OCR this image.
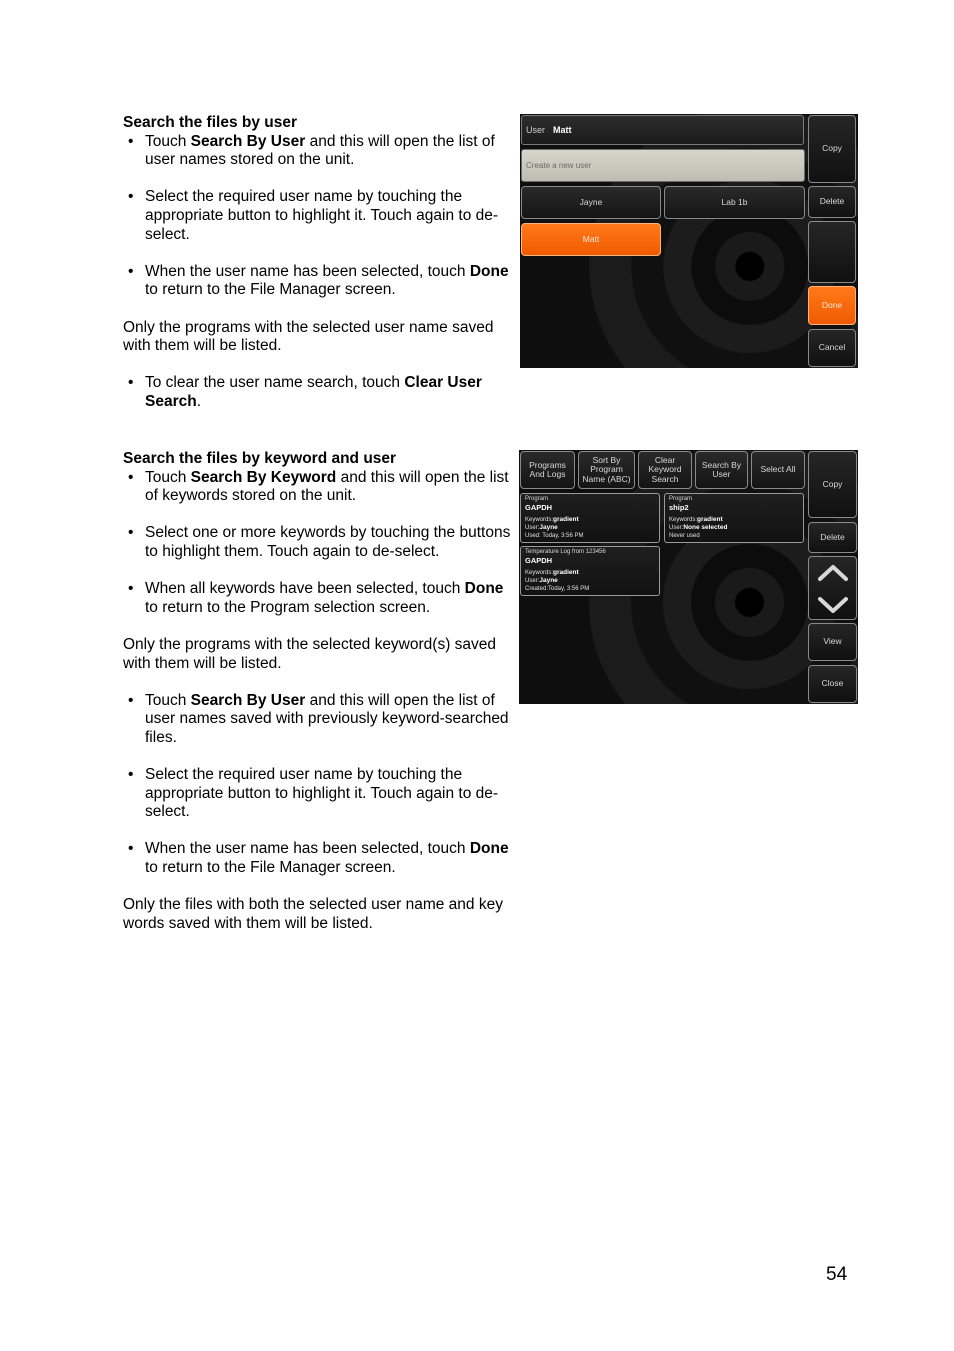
Search the files by user
• Touch Search By User and this will open the list of user names stored on the unit.
• Select the required user name by touching the appropriate button to highlight it. Touch again to de-select.
• When the user name has been selected, touch Done to return to the File Manager screen.

Only the programs with the selected user name saved with them will be listed.

• To clear the user name search, touch Clear User Search.
Search the files by keyword and user
• Touch Search By Keyword and this will open the list of keywords stored on the unit.
• Select one or more keywords by touching the buttons to highlight them. Touch again to de-select.
• When all keywords have been selected, touch Done to return to the Program selection screen.

Only the programs with the selected keyword(s) saved with them will be listed.

• Touch Search By User and this will open the list of user names saved with previously keyword-searched files.
• Select the required user name by touching the appropriate button to highlight it. Touch again to de-select.
• When the user name has been selected, touch Done to return to the File Manager screen.

Only the files with both the selected user name and key words saved with them will be listed.

User Matt
Create a new user
Jayne	Lab 1b
Matt
Copy
Delete
Done
Cancel
Programs And Logs
Sort By Program Name (ABC)
Clear Keyword Search
Search By User	Select All
Program
GAPDH
Keywords:gradient
User:Jayne
Used: Today, 3:56 PM
Program
ship2
Keywords:gradient
User:None selected
Never used
Temperature Log from 123456
GAPDH
Keywords:gradient
User:Jayne
Created:Today, 3:56 PM
Copy
Delete
View
Close
54
